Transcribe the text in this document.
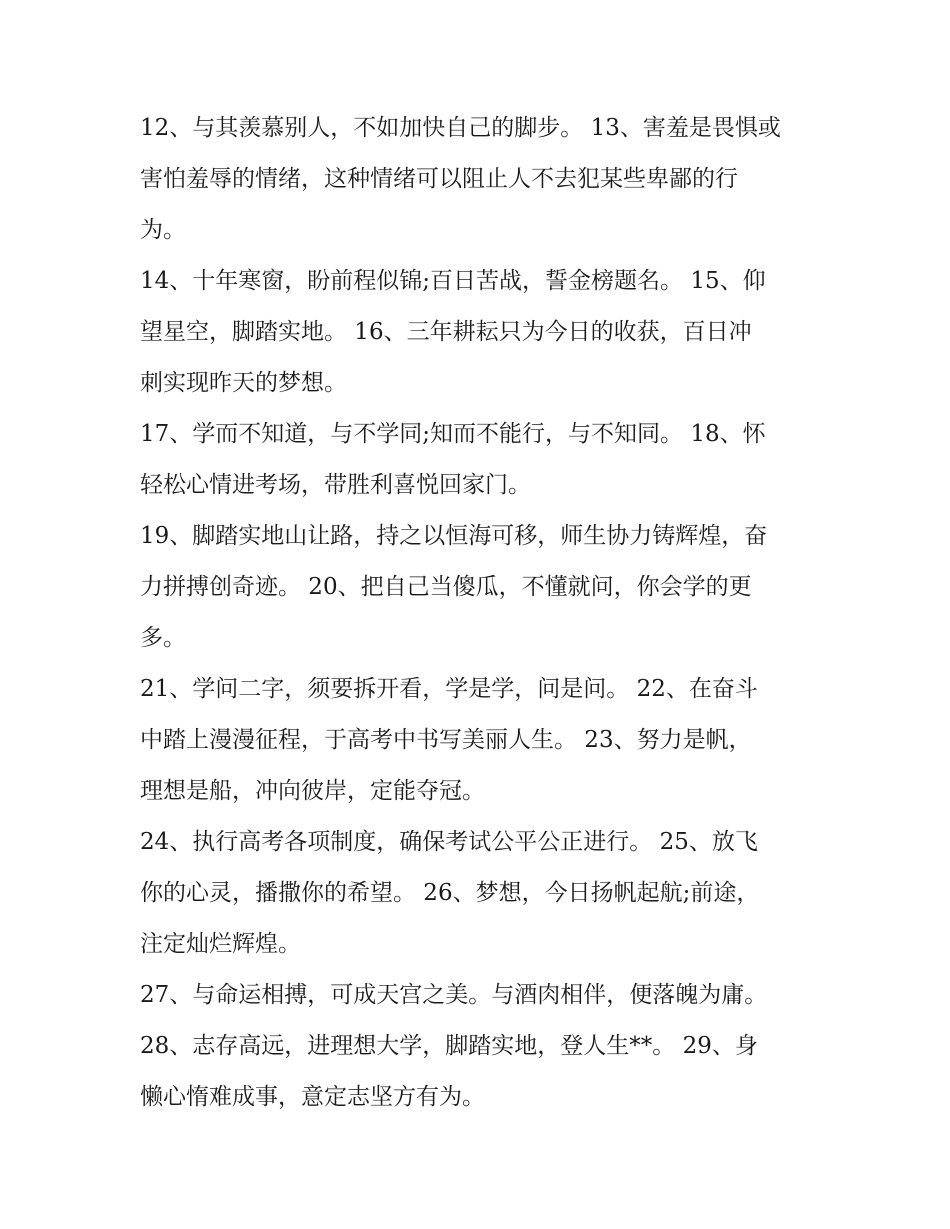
12、与其羡慕别人，不如加快自己的脚步。 13、害羞是畏惧或
害怕羞辱的情绪，这种情绪可以阻止人不去犯某些卑鄙的行
为。
14、十年寒窗，盼前程似锦;百日苦战，誓金榜题名。 15、仰
望星空，脚踏实地。 16、三年耕耘只为今日的收获，百日冲
刺实现昨天的梦想。
17、学而不知道，与不学同;知而不能行，与不知同。 18、怀
轻松心情进考场，带胜利喜悦回家门。
19、脚踏实地山让路，持之以恒海可移，师生协力铸辉煌，奋
力拼搏创奇迹。 20、把自己当傻瓜，不懂就问，你会学的更
多。
21、学问二字，须要拆开看，学是学，问是问。 22、在奋斗
中踏上漫漫征程，于高考中书写美丽人生。 23、努力是帆，
理想是船，冲向彼岸，定能夺冠。
24、执行高考各项制度，确保考试公平公正进行。 25、放飞
你的心灵，播撒你的希望。 26、梦想，今日扬帆起航;前途，
注定灿烂辉煌。
27、与命运相搏，可成天宫之美。与酒肉相伴，便落魄为庸。
28、志存高远，进理想大学，脚踏实地，登人生**。 29、身
懒心惰难成事，意定志坚方有为。
